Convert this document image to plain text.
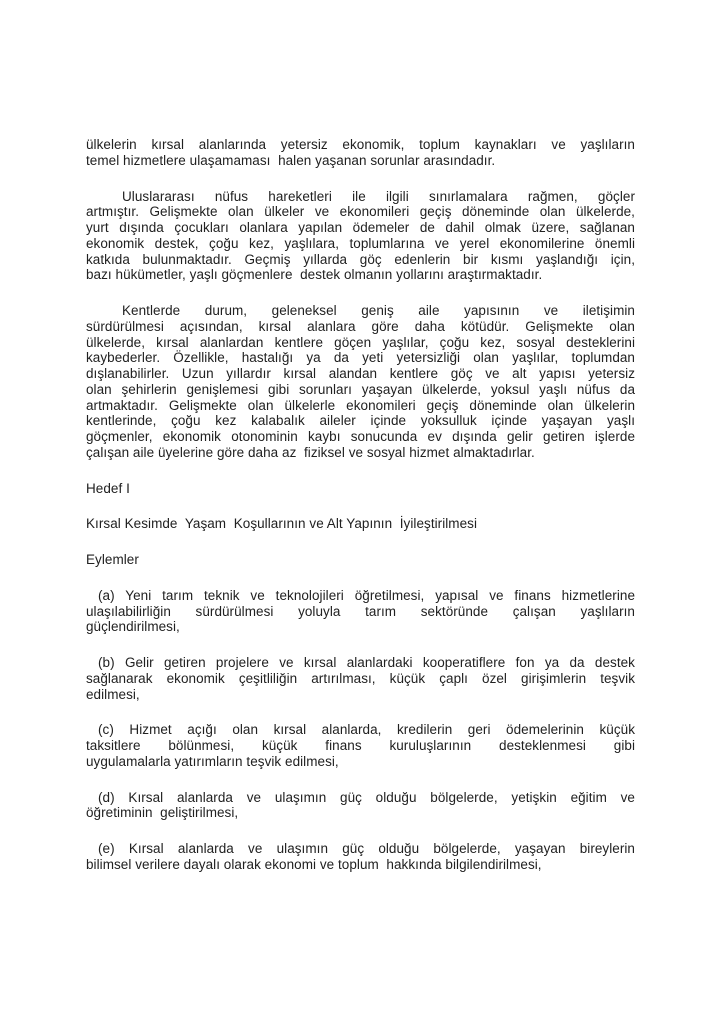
ülkelerin kırsal alanlarında yetersiz ekonomik, toplum kaynakları ve yaşlıların
temel hizmetlere ulaşamaması  halen yaşanan sorunlar arasındadır.
Uluslararası nüfus hareketleri ile ilgili sınırlamalara rağmen, göçler
artmıştır. Gelişmekte olan ülkeler ve ekonomileri geçiş döneminde olan ülkelerde,
yurt dışında çocukları olanlara yapılan ödemeler de dahil olmak üzere, sağlanan
ekonomik destek, çoğu kez, yaşlılara, toplumlarına ve yerel ekonomilerine önemli
katkıda bulunmaktadır. Geçmiş yıllarda göç edenlerin bir kısmı yaşlandığı için,
bazı hükümetler, yaşlı göçmenlere  destek olmanın yollarını araştırmaktadır.
Kentlerde durum, geleneksel geniş aile yapısının ve iletişimin
sürdürülmesi açısından, kırsal alanlara göre daha kötüdür. Gelişmekte olan
ülkelerde, kırsal alanlardan kentlere göçen yaşlılar, çoğu kez, sosyal desteklerini
kaybederler. Özellikle, hastalığı ya da yeti yetersizliği olan yaşlılar, toplumdan
dışlanabilirler. Uzun yıllardır kırsal alandan kentlere göç ve alt yapısı yetersiz
olan şehirlerin genişlemesi gibi sorunları yaşayan ülkelerde, yoksul yaşlı nüfus da
artmaktadır. Gelişmekte olan ülkelerle ekonomileri geçiş döneminde olan ülkelerin
kentlerinde, çoğu kez kalabalık aileler içinde yoksulluk içinde yaşayan yaşlı
göçmenler, ekonomik otonominin kaybı sonucunda ev dışında gelir getiren işlerde
çalışan aile üyelerine göre daha az  fiziksel ve sosyal hizmet almaktadırlar.
Hedef I
Kırsal Kesimde  Yaşam  Koşullarının ve Alt Yapının  İyileştirilmesi
Eylemler
(a) Yeni tarım teknik ve teknolojileri öğretilmesi, yapısal ve finans hizmetlerine
ulaşılabilirliğin sürdürülmesi yoluyla tarım sektöründe çalışan yaşlıların
güçlendirilmesi,
(b) Gelir getiren projelere ve kırsal alanlardaki kooperatiflere fon ya da destek
sağlanarak ekonomik çeşitliliğin artırılması, küçük çaplı özel girişimlerin teşvik
edilmesi,
(c) Hizmet açığı olan kırsal alanlarda, kredilerin geri ödemelerinin küçük
taksitlere bölünmesi, küçük finans kuruluşlarının desteklenmesi gibi
uygulamalarla yatırımların teşvik edilmesi,
(d) Kırsal alanlarda ve ulaşımın güç olduğu bölgelerde, yetişkin eğitim ve
öğretiminin  geliştirilmesi,
(e) Kırsal alanlarda ve ulaşımın güç olduğu bölgelerde, yaşayan bireylerin
bilimsel verilere dayalı olarak ekonomi ve toplum  hakkında bilgilendirilmesi,
